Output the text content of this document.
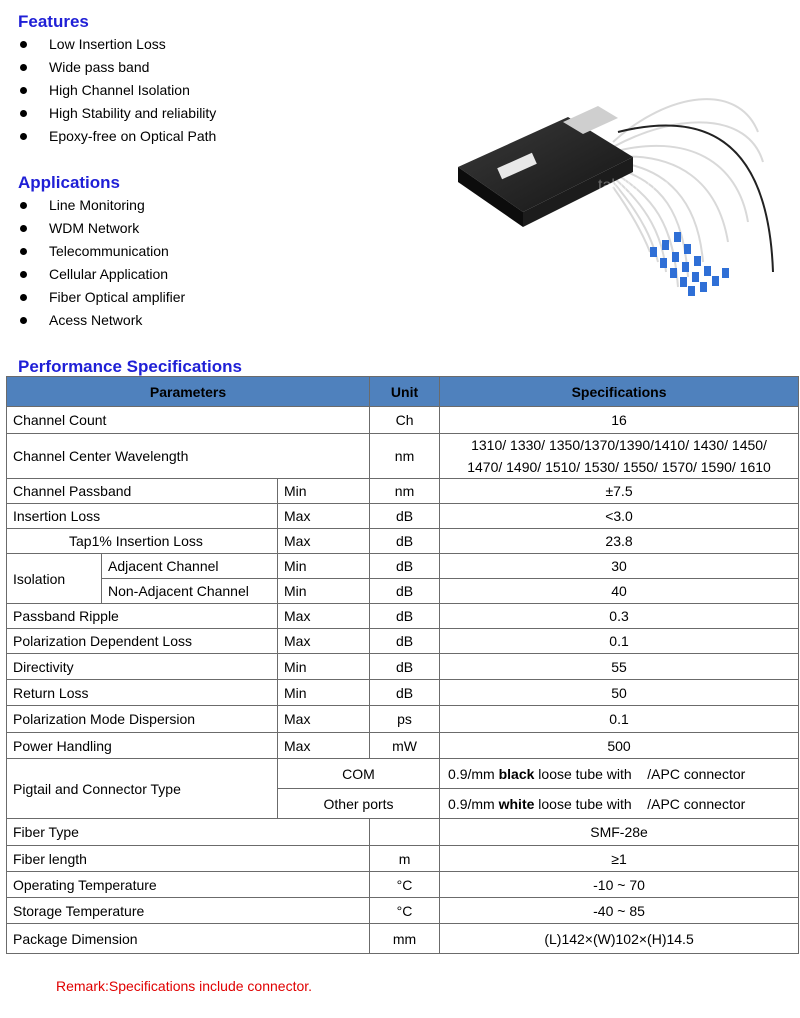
Features
Low Insertion Loss
Wide pass band
High Channel Isolation
High Stability and reliability
Epoxy-free on Optical Path
Applications
Line Monitoring
WDM Network
Telecommunication
Cellular Application
Fiber Optical amplifier
Acess Network
takfly.com
Performance Specifications
Parameters			Unit	Specifications
Channel Count			Ch	16
Channel Center Wavelength			nm	1310/ 1330/ 1350/1370/1390/1410/ 1430/ 1450/
1470/ 1490/ 1510/ 1530/ 1550/ 1570/ 1590/ 1610

Channel Passband		Min	nm	±7.5
Insertion Loss		Max	dB	<3.0
Tap1% Insertion Loss		Max	dB	23.8
Isolation	Adjacent Channel	Min	dB	30
	Non-Adjacent Channel	Min	dB	40
Passband Ripple		Max	dB	0.3
Polarization Dependent Loss		Max	dB	0.1
Directivity		Min	dB	55
Return Loss		Min	dB	50
Polarization Mode Dispersion		Max	ps	0.1
Power Handling		Max	mW	500
Pigtail and Connector Type		COM		0.9/mm black loose tube with    /APC connector
		Other ports		0.9/mm white loose tube with    /APC connector
Fiber Type				SMF-28e
Fiber length			m	≥1
Operating Temperature			°C	-10 ~ 70
Storage Temperature			°C	-40 ~ 85
Package Dimension			mm	(L)142×(W)102×(H)14.5
Remark:Specifications include connector.
